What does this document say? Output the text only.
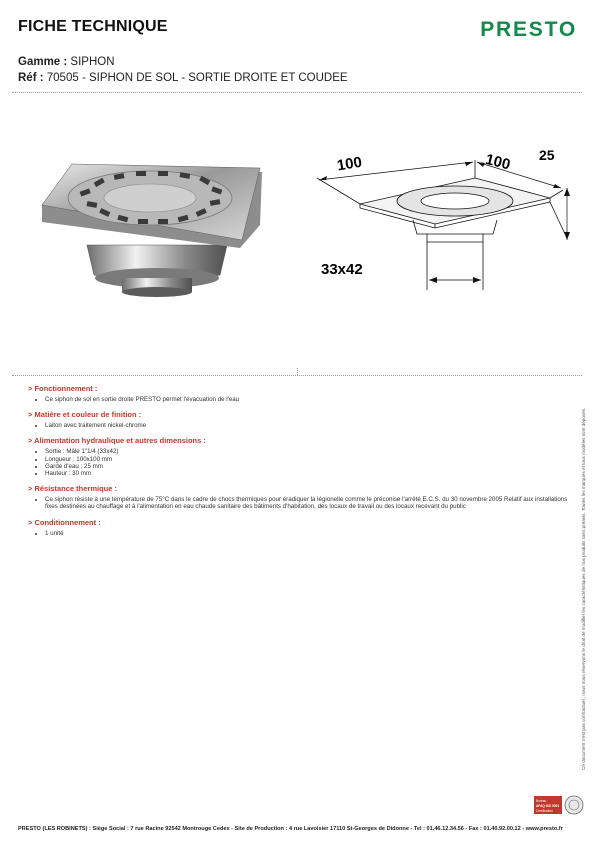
FICHE TECHNIQUE	PRESTO
Gamme : SIPHON
Réf : 70505 - SIPHON DE SOL - SORTIE DROITE ET COUDEE
100	100 25
33x42
> Fonctionnement :
• Ce siphon de sol en sortie droite PRESTO permet l'évacuation de l'eau
> Matière et couleur de finition :
• Laiton avec traitement nickel-chrome
> Alimentation hydraulique et autres dimensions :
• Sortie : Mâle 1"1/4 (33x42)
• Longueur : 100x100 mm
• Garde d'eau : 25 mm
• Hauteur : 30 mm
> Résistance thermique :
• Ce siphon résiste à une température de 75°C dans le cadre de chocs thermiques pour éradiquer la légionelle comme le préconise l'arrêté E.C.S. du 30 novembre 2005 Relatif aux installations fixes destinées au chauffage et à l'alimentation en eau chaude sanitaire des bâtiments d'habitation, des locaux de travail ou des locaux recevant du public
> Conditionnement :
• 1 unité	Ce document n'est pas contractuel ; nous nous réservons le droit de modifier les caractéristiques de nos produits sans préavis. Toutes les marques et tous modèles sont déposés.
Bureau
AFAQ ISO 9001
Certification
PRESTO (LES ROBINETS) : Siège Social : 7 rue Racine 92542 Montrouge Cedex - Site de Production : 4 rue Lavoisier 17110 St-Georges de Didonne - Tel : 01.46.12.34.56 - Fax : 01.40.92.00.12 - www.presto.fr
